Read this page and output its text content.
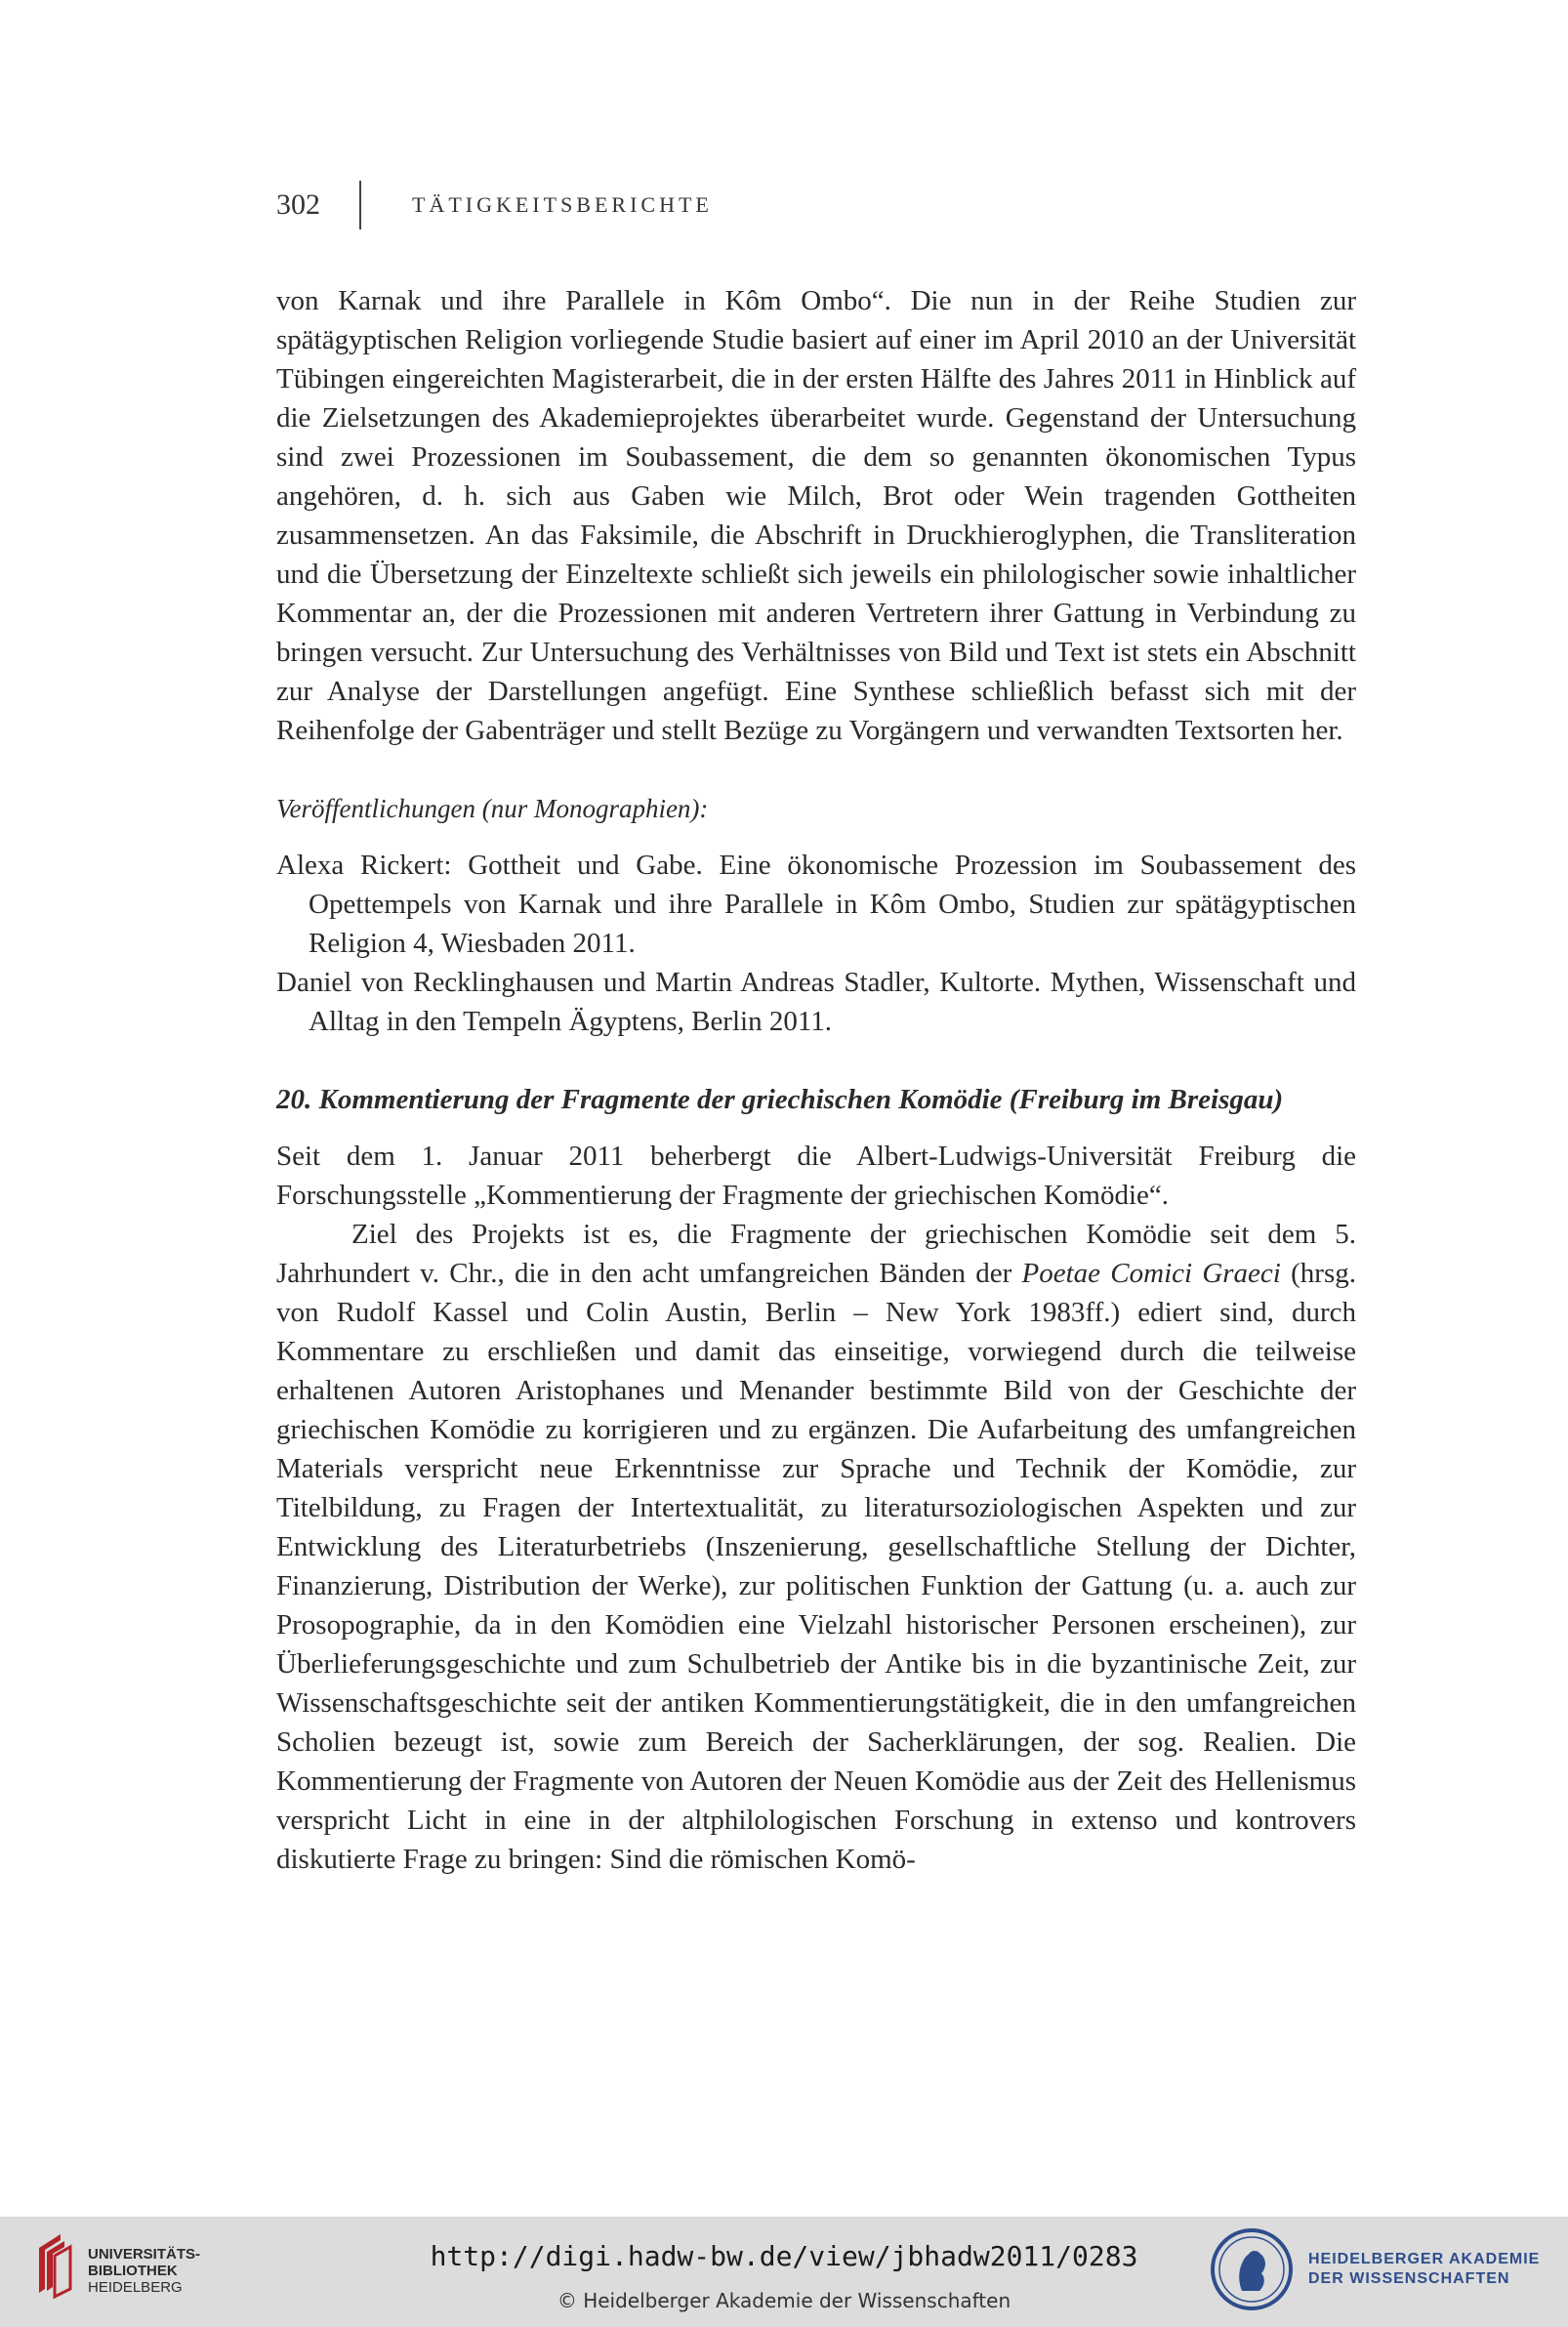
302	TÄTIGKEITSBERICHTE

von Karnak und ihre Parallele in Kôm Ombo“. Die nun in der Reihe Studien zur spätägyptischen Religion vorliegende Studie basiert auf einer im April 2010 an der Universität Tübingen eingereichten Magisterarbeit, die in der ersten Hälfte des Jahres 2011 in Hinblick auf die Zielsetzungen des Akademieprojektes überarbeitet wurde. Gegenstand der Untersuchung sind zwei Prozessionen im Soubassement, die dem so genannten ökonomischen Typus angehören, d. h. sich aus Gaben wie Milch, Brot oder Wein tragenden Gottheiten zusammensetzen. An das Faksimile, die Abschrift in Druckhieroglyphen, die Transliteration und die Übersetzung der Einzeltexte schließt sich jeweils ein philologischer sowie inhaltlicher Kommentar an, der die Prozessionen mit anderen Vertretern ihrer Gattung in Verbindung zu bringen versucht. Zur Untersuchung des Verhältnisses von Bild und Text ist stets ein Abschnitt zur Analyse der Darstellungen angefügt. Eine Synthese schließlich befasst sich mit der Reihenfolge der Gabenträger und stellt Bezüge zu Vorgängern und verwandten Textsorten her.

Veröffentlichungen (nur Monographien):

Alexa Rickert: Gottheit und Gabe. Eine ökonomische Prozession im Soubassement des Opettempels von Karnak und ihre Parallele in Kôm Ombo, Studien zur spätägyptischen Religion 4, Wiesbaden 2011.

Daniel von Recklinghausen und Martin Andreas Stadler, Kultorte. Mythen, Wissenschaft und Alltag in den Tempeln Ägyptens, Berlin 2011.

20. Kommentierung der Fragmente der griechischen Komödie (Freiburg im Breisgau)

Seit dem 1. Januar 2011 beherbergt die Albert-Ludwigs-Universität Freiburg die Forschungsstelle „Kommentierung der Fragmente der griechischen Komödie“.

Ziel des Projekts ist es, die Fragmente der griechischen Komödie seit dem 5. Jahrhundert v. Chr., die in den acht umfangreichen Bänden der Poetae Comici Graeci (hrsg. von Rudolf Kassel und Colin Austin, Berlin – New York 1983ff.) ediert sind, durch Kommentare zu erschließen und damit das einseitige, vorwiegend durch die teilweise erhaltenen Autoren Aristophanes und Menander bestimmte Bild von der Geschichte der griechischen Komödie zu korrigieren und zu ergänzen. Die Aufarbeitung des umfangreichen Materials verspricht neue Erkenntnisse zur Sprache und Technik der Komödie, zur Titelbildung, zu Fragen der Intertextualität, zu literatursoziologischen Aspekten und zur Entwicklung des Literaturbetriebs (Inszenierung, gesellschaftliche Stellung der Dichter, Finanzierung, Distribution der Werke), zur politischen Funktion der Gattung (u. a. auch zur Prosopographie, da in den Komödien eine Vielzahl historischer Personen erscheinen), zur Überlieferungsgeschichte und zum Schulbetrieb der Antike bis in die byzantinische Zeit, zur Wissenschaftsgeschichte seit der antiken Kommentierungstätigkeit, die in den umfangreichen Scholien bezeugt ist, sowie zum Bereich der Sacherklärungen, der sog. Realien. Die Kommentierung der Fragmente von Autoren der Neuen Komödie aus der Zeit des Hellenismus verspricht Licht in eine in der altphilologischen Forschung in extenso und kontrovers diskutierte Frage zu bringen: Sind die römischen Komö-

UNIVERSITÄTS-
BIBLIOTHEK
HEIDELBERG
http://digi.hadw-bw.de/view/jbhadw2011/0283
© Heidelberger Akademie der Wissenschaften
HEIDELBERGER AKADEMIE
DER WISSENSCHAFTEN
